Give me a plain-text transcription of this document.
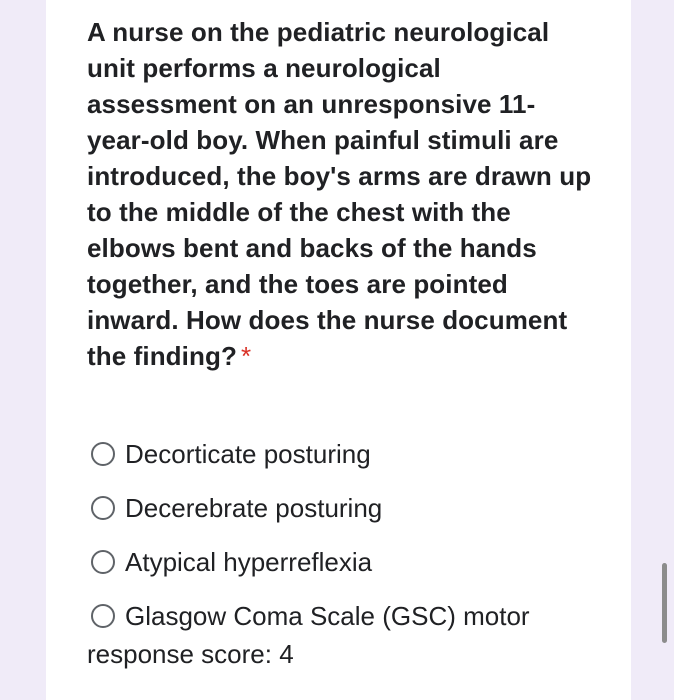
A nurse on the pediatric neurological unit performs a neurological assessment on an unresponsive 11-year-old boy. When painful stimuli are introduced, the boy's arms are drawn up to the middle of the chest with the elbows bent and backs of the hands together, and the toes are pointed inward. How does the nurse document the finding? *
Decorticate posturing
Decerebrate posturing
Atypical hyperreflexia
Glasgow Coma Scale (GSC) motor response score: 4
